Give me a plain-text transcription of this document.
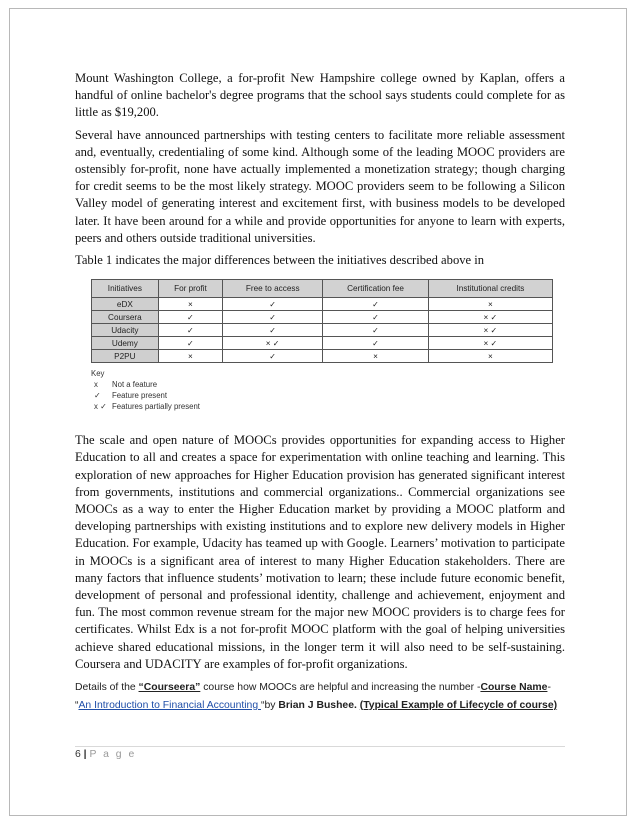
Mount Washington College, a for-profit New Hampshire college owned by Kaplan, offers a handful of online bachelor's degree programs that the school says students could complete for as little as $19,200.

Several have announced partnerships with testing centers to facilitate more reliable assessment and, eventually, credentialing of some kind. Although some of the leading MOOC providers are ostensibly for-profit, none have actually implemented a monetization strategy; though charging for credit seems to be the most likely strategy. MOOC providers seem to be following a Silicon Valley model of generating interest and excitement first, with business models to be developed later. It have been around for a while and provide opportunities for anyone to learn with experts, peers and others outside traditional universities.

Table 1 indicates the major differences between the initiatives described above in

Initiatives	For profit	Free to access	Certification fee	Institutional credits
eDX	×	✓	✓	×
Coursera	✓	✓	✓	× ✓
Udacity	✓	✓	✓	× ✓
Udemy	✓	× ✓	✓	× ✓
P2PU	×	✓	×	×
Key
x	Not a feature
✓	Feature present
x ✓ Features partially present

The scale and open nature of MOOCs provides opportunities for expanding access to Higher Education to all and creates a space for experimentation with online teaching and learning. This exploration of new approaches for Higher Education provision has generated significant interest from governments, institutions and commercial organizations.. Commercial organizations see MOOCs as a way to enter the Higher Education market by providing a MOOC platform and developing partnerships with existing institutions and to explore new delivery models in Higher Education. For example, Udacity has teamed up with Google. Learners’ motivation to participate in MOOCs is a significant area of interest to many Higher Education stakeholders. There are many factors that influence students’ motivation to learn; these include future economic benefit, development of personal and professional identity, challenge and achievement, enjoyment and fun. The most common revenue stream for the major new MOOC providers is to charge fees for certificates. Whilst Edx is a not for-profit MOOC platform with the goal of helping universities achieve shared educational missions, in the longer term it will also need to be self-sustaining. Coursera and UDACITY are examples of for-profit organizations.

Details of the “Courseera” course how MOOCs are helpful and increasing the number -Course Name-
“An Introduction to Financial Accounting “by Brian J Bushee. (Typical Example of Lifecycle of course)

6 | P a g e
